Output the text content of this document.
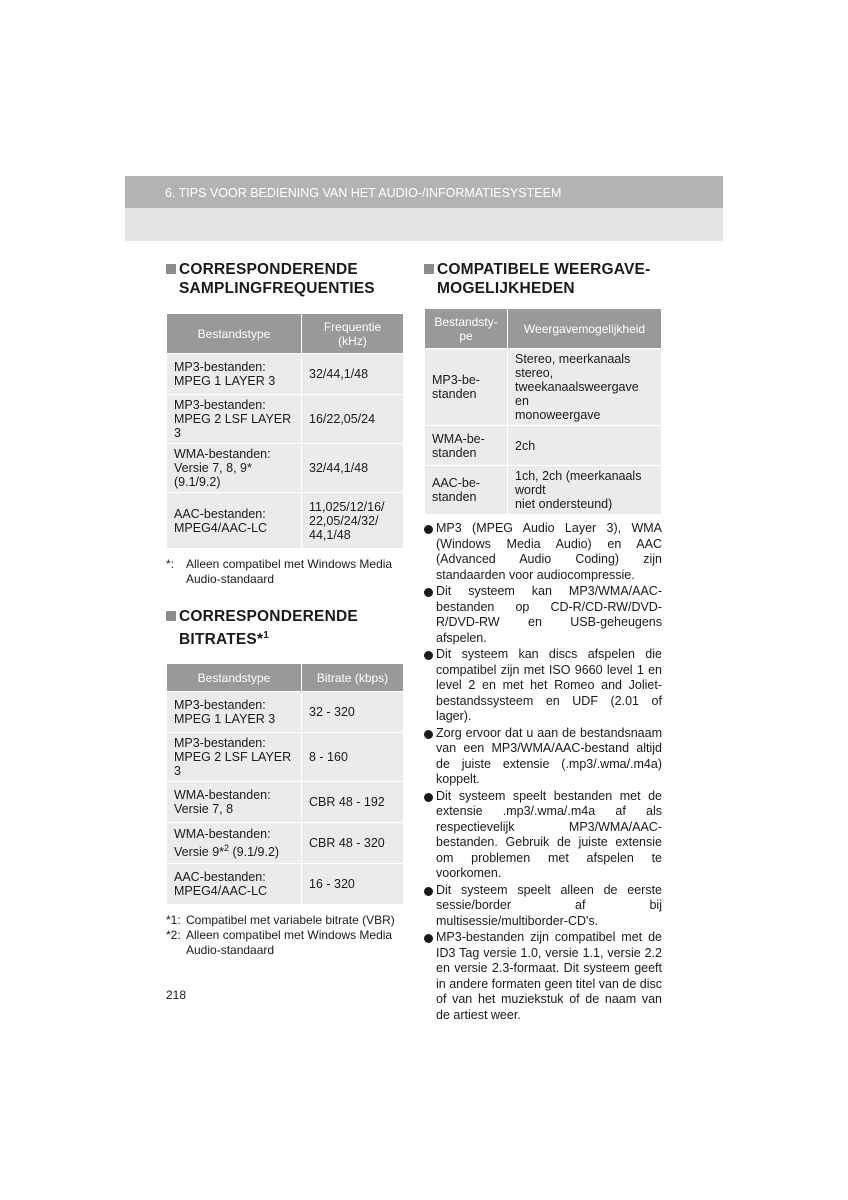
6. TIPS VOOR BEDIENING VAN HET AUDIO-/INFORMATIESYSTEEM
CORRESPONDERENDE
SAMPLINGFREQUENTIES
Bestandstype	Frequentie
(kHz)
MP3-bestanden:
MPEG 1 LAYER 3	32/44,1/48
MP3-bestanden:
MPEG 2 LSF LAYER 3	16/22,05/24
WMA-bestanden:
Versie 7, 8, 9* (9.1/9.2)	32/44,1/48
AAC-bestanden:
MPEG4/AAC-LC	11,025/12/16/
22,05/24/32/
44,1/48
*: Alleen compatibel met Windows Media
Audio-standaard
CORRESPONDERENDE
BITRATES*$^1$
Bestandstype	Bitrate (kbps)
MP3-bestanden:
MPEG 1 LAYER 3	32 - 320
MP3-bestanden:
MPEG 2 LSF LAYER 3	8 - 160
WMA-bestanden:
Versie 7, 8	CBR 48 - 192
WMA-bestanden:
Versie 9*$^2$ (9.1/9.2)	CBR 48 - 320
AAC-bestanden:
MPEG4/AAC-LC	16 - 320
*1: Compatibel met variabele bitrate (VBR)
*2: Alleen compatibel met Windows Media
Audio-standaard
COMPATIBELE WEERGAVE-
MOGELIJKHEDEN
Bestandsty-
pe	Weergavemogelijkheid
MP3-be-
standen	Stereo, meerkanaals stereo,
tweekanaalsweergave en
monoweergave
WMA-be-
standen	2ch
AAC-be-
standen	1ch, 2ch (meerkanaals wordt
niet ondersteund)
MP3 (MPEG Audio Layer 3), WMA (Windows Media Audio) en AAC (Advanced Audio Coding) zijn standaarden voor audiocompressie.
Dit systeem kan MP3/WMA/AAC-bestanden op CD-R/CD-RW/DVD-R/DVD-RW en USB-geheugens afspelen.
Dit systeem kan discs afspelen die compatibel zijn met ISO 9660 level 1 en level 2 en met het Romeo and Joliet-bestandssysteem en UDF (2.01 of lager).
Zorg ervoor dat u aan de bestandsnaam van een MP3/WMA/AAC-bestand altijd de juiste extensie (.mp3/.wma/.m4a) koppelt.
Dit systeem speelt bestanden met de extensie .mp3/.wma/.m4a af als respectievelijk MP3/WMA/AAC-bestanden. Gebruik de juiste extensie om problemen met afspelen te voorkomen.
Dit systeem speelt alleen de eerste sessie/border af bij multisessie/multiborder-CD's.
MP3-bestanden zijn compatibel met de ID3 Tag versie 1.0, versie 1.1, versie 2.2 en versie 2.3-formaat. Dit systeem geeft in andere formaten geen titel van de disc of van het muziekstuk of de naam van de artiest weer.
218
